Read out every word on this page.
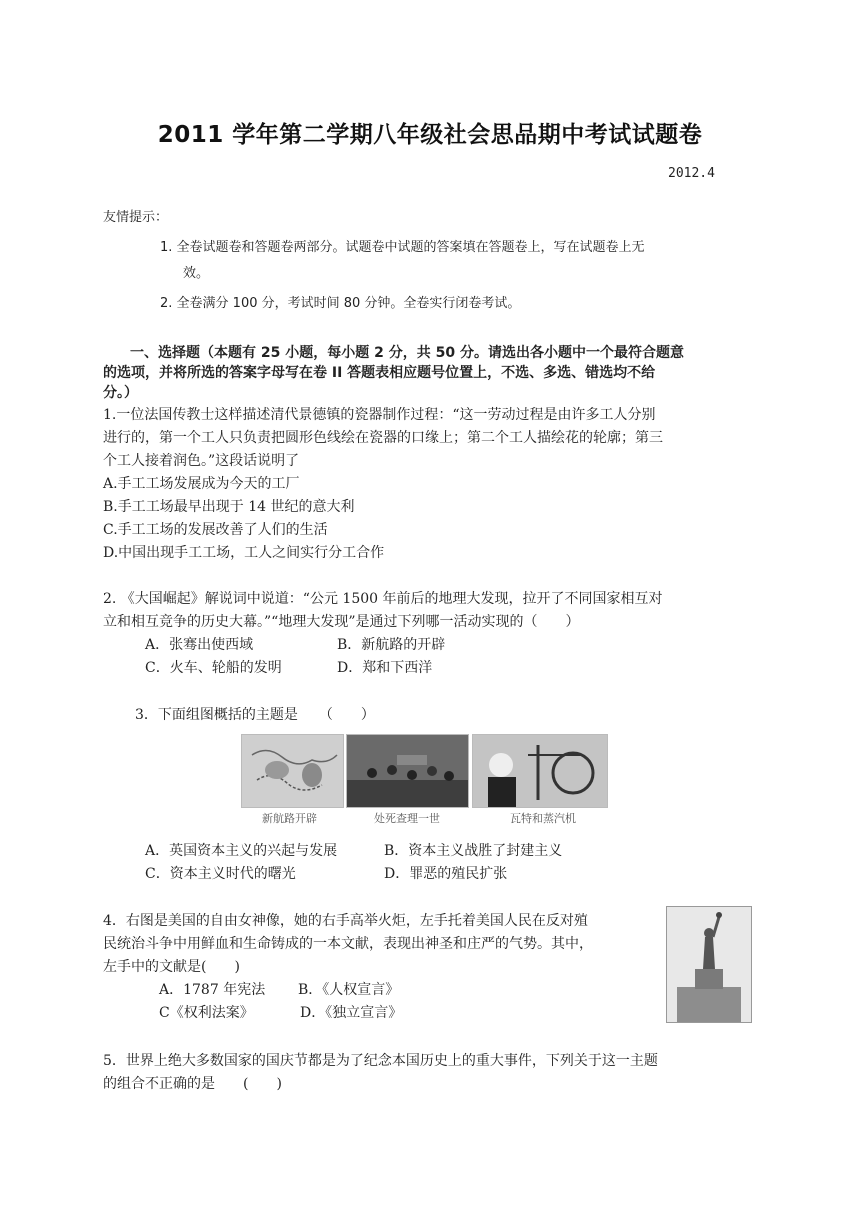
2011 学年第二学期八年级社会思品期中考试试题卷
2012.4
友情提示：
1. 全卷试题卷和答题卷两部分。试题卷中试题的答案填在答题卷上，写在试题卷上无
效。
2. 全卷满分 100 分，考试时间 80 分钟。全卷实行闭卷考试。
一、选择题（本题有 25 小题，每小题 2 分，共 50 分。请选出各小题中一个最符合题意
的选项，并将所选的答案字母写在卷 II 答题表相应题号位置上，不选、多选、错选均不给
分。）
1.一位法国传教士这样描述清代景德镇的瓷器制作过程：“这一劳动过程是由许多工人分别
进行的，第一个工人只负责把圆形色线绘在瓷器的口缘上；第二个工人描绘花的轮廓；第三
个工人接着润色。”这段话说明了
A.手工工场发展成为今天的工厂
B.手工工场最早出现于 14 世纪的意大利
C.手工工场的发展改善了人们的生活
D.中国出现手工工场，工人之间实行分工合作
2. 《大国崛起》解说词中说道：“公元 1500 年前后的地理大发现，拉开了不同国家相互对
立和相互竞争的历史大幕。”“地理大发现”是通过下列哪一活动实现的（　　）
A．张骞出使西域	B．新航路的开辟
C．火车、轮船的发明	D．郑和下西洋
3．下面组图概括的主题是　　（　　）
新航路开辟	处死查理一世	瓦特和蒸汽机
A．英国资本主义的兴起与发展	B．资本主义战胜了封建主义
C．资本主义时代的曙光	D．罪恶的殖民扩张
4．右图是美国的自由女神像，她的右手高举火炬，左手托着美国人民在反对殖
民统治斗争中用鲜血和生命铸成的一本文献，表现出神圣和庄严的气势。其中，
左手中的文献是(　　)
A．1787 年宪法 B．《人权宣言》
C《权利法案》	D．《独立宣言》
5．世界上绝大多数国家的国庆节都是为了纪念本国历史上的重大事件，下列关于这一主题
的组合不正确的是　　(　　)
